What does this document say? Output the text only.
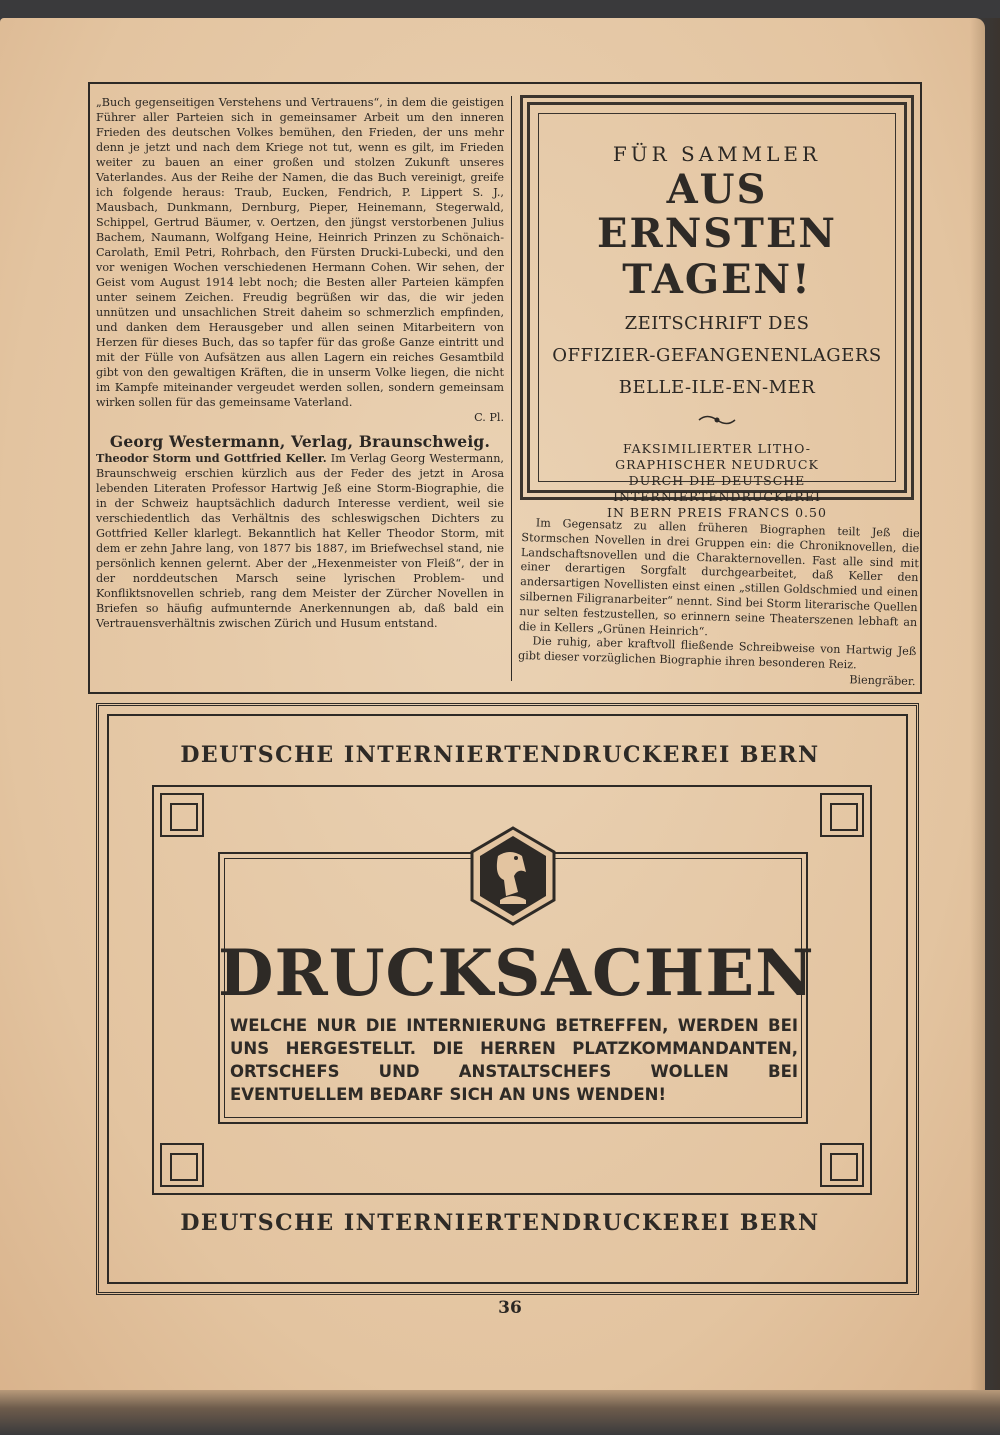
„Buch gegenseitigen Verstehens und Vertrauens“, in dem die geistigen Führer aller Parteien sich in gemeinsamer Arbeit um den inneren Frieden des deutschen Volkes bemühen, den Frieden, der uns mehr denn je jetzt und nach dem Kriege not tut, wenn es gilt, im Frieden weiter zu bauen an einer großen und stolzen Zukunft unseres Vaterlandes. Aus der Reihe der Namen, die das Buch vereinigt, greife ich folgende heraus: Traub, Eucken, Fendrich, P. Lippert S. J., Mausbach, Dunkmann, Dernburg, Pieper, Heinemann, Stegerwald, Schippel, Gertrud Bäumer, v. Oertzen, den jüngst verstorbenen Julius Bachem, Naumann, Wolfgang Heine, Heinrich Prinzen zu Schönaich-Carolath, Emil Petri, Rohrbach, den Fürsten Drucki-Lubecki, und den vor wenigen Wochen verschiedenen Hermann Cohen. Wir sehen, der Geist vom August 1914 lebt noch; die Besten aller Parteien kämpfen unter seinem Zeichen. Freudig begrüßen wir das, die wir jeden unnützen und unsachlichen Streit daheim so schmerzlich empfinden, und danken dem Herausgeber und allen seinen Mitarbeitern von Herzen für dieses Buch, das so tapfer für das große Ganze eintritt und mit der Fülle von Aufsätzen aus allen Lagern ein reiches Gesamtbild gibt von den gewaltigen Kräften, die in unserm Volke liegen, die nicht im Kampfe miteinander vergeudet werden sollen, sondern gemeinsam wirken sollen für das gemeinsame Vaterland.

C. Pl.

Georg Westermann, Verlag, Braunschweig.

Theodor Storm und Gottfried Keller. Im Verlag Georg Westermann, Braunschweig erschien kürzlich aus der Feder des jetzt in Arosa lebenden Literaten Professor Hartwig Jeß eine Storm-Biographie, die in der Schweiz hauptsächlich dadurch Interesse verdient, weil sie verschiedentlich das Verhältnis des schleswigschen Dichters zu Gottfried Keller klarlegt. Bekanntlich hat Keller Theodor Storm, mit dem er zehn Jahre lang, von 1877 bis 1887, im Briefwechsel stand, nie persönlich kennen gelernt. Aber der „Hexenmeister von Fleiß“, der in der norddeutschen Marsch seine lyrischen Problem- und Konfliktsnovellen schrieb, rang dem Meister der Zürcher Novellen in Briefen so häufig aufmunternde Anerkennungen ab, daß bald ein Vertrauensverhältnis zwischen Zürich und Husum entstand.

FÜR SAMMLER
AUS ERNSTEN
TAGEN!
ZEITSCHRIFT DES
OFFIZIER-GEFANGENENLAGERS
BELLE-ILE-EN-MER
FAKSIMILIERTER LITHO-
GRAPHISCHER NEUDRUCK
DURCH DIE DEUTSCHE
INTERNIERTENDRUCKEREI
IN BERN PREIS FRANCS 0.50

Im Gegensatz zu allen früheren Biographen teilt Jeß die Stormschen Novellen in drei Gruppen ein: die Chroniknovellen, die Landschaftsnovellen und die Charakternovellen. Fast alle sind mit einer derartigen Sorgfalt durchgearbeitet, daß Keller den andersartigen Novellisten einst einen „stillen Goldschmied und einen silbernen Filigranarbeiter“ nennt. Sind bei Storm literarische Quellen nur selten festzustellen, so erinnern seine Theaterszenen lebhaft an die in Kellers „Grünen Heinrich“.

Die ruhig, aber kraftvoll fließende Schreibweise von Hartwig Jeß gibt dieser vorzüglichen Biographie ihren besonderen Reiz.

Biengräber.

DEUTSCHE INTERNIERTENDRUCKEREI BERN
DRUCKSACHEN
WELCHE NUR DIE INTERNIERUNG BETREFFEN, WERDEN BEI UNS HERGESTELLT. DIE HERREN PLATZKOMMANDANTEN, ORTSCHEFS UND ANSTALTSCHEFS WOLLEN BEI EVENTUELLEM BEDARF SICH AN UNS WENDEN!
DEUTSCHE INTERNIERTENDRUCKEREI BERN
36
